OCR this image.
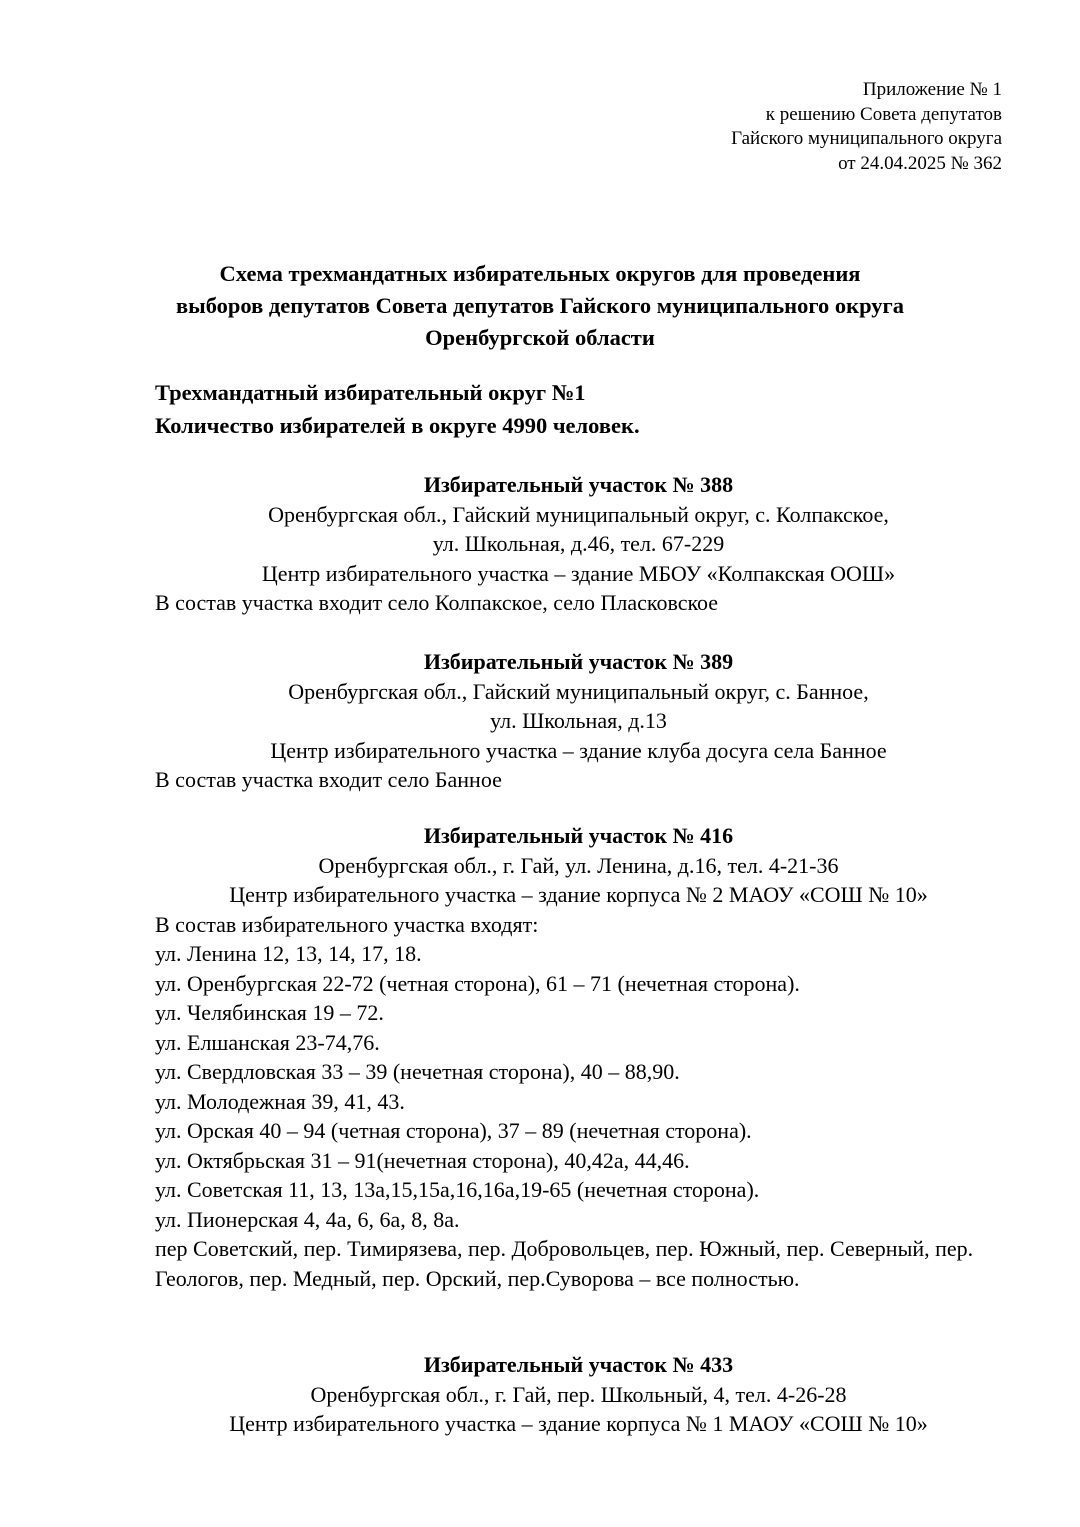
Приложение № 1
к решению Совета депутатов
Гайского муниципального округа
от 24.04.2025 № 362
Схема трехмандатных избирательных округов для проведения
выборов депутатов Совета депутатов Гайского муниципального округа
Оренбургской области
Трехмандатный избирательный округ №1
Количество избирателей в округе 4990 человек.
Избирательный участок № 388
Оренбургская обл., Гайский муниципальный округ, с. Колпакское,
ул. Школьная, д.46, тел. 67-229
Центр избирательного участка – здание МБОУ «Колпакская ООШ»
В состав участка входит село Колпакское, село Пласковское
Избирательный участок № 389
Оренбургская обл., Гайский муниципальный округ, с. Банное,
ул. Школьная, д.13
Центр избирательного участка – здание клуба досуга села Банное
В состав участка входит село Банное
Избирательный участок № 416
Оренбургская обл., г. Гай, ул. Ленина, д.16, тел. 4-21-36
Центр избирательного участка – здание корпуса № 2 МАОУ «СОШ № 10»
В состав избирательного участка входят:
ул. Ленина 12, 13, 14, 17, 18.
ул. Оренбургская 22-72 (четная сторона), 61 – 71 (нечетная сторона).
ул. Челябинская 19 – 72.
ул. Елшанская 23-74,76.
ул. Свердловская 33 – 39 (нечетная сторона), 40 – 88,90.
ул. Молодежная 39, 41, 43.
ул. Орская 40 – 94 (четная сторона), 37 – 89 (нечетная сторона).
ул. Октябрьская 31 – 91(нечетная сторона), 40,42а, 44,46.
ул. Советская 11, 13, 13а,15,15а,16,16а,19-65 (нечетная сторона).
ул. Пионерская 4, 4а, 6, 6а, 8, 8а.
пер Советский, пер. Тимирязева, пер. Добровольцев, пер. Южный, пер. Северный, пер. Геологов, пер. Медный, пер. Орский, пер.Суворова – все полностью.
Избирательный участок № 433
Оренбургская обл., г. Гай, пер. Школьный, 4, тел. 4-26-28
Центр избирательного участка – здание корпуса № 1 МАОУ «СОШ № 10»
